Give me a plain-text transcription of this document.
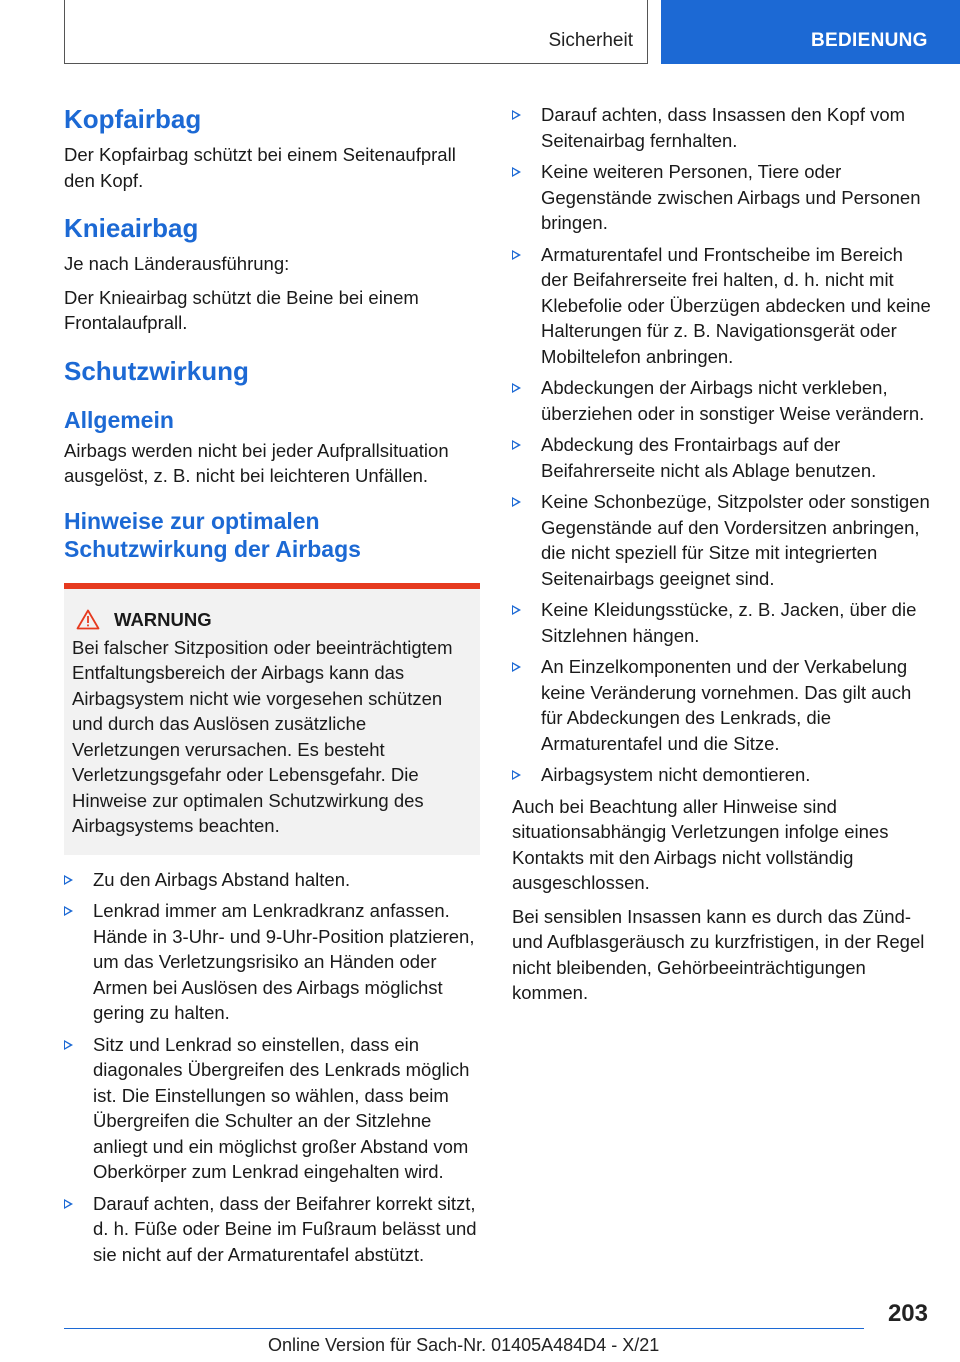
Sicherheit	BEDIENUNG
Kopfairbag

Der Kopfairbag schützt bei einem Seitenaufprall den Kopf.

Knieairbag

Je nach Länderausführung:

Der Knieairbag schützt die Beine bei einem Frontalaufprall.

Schutzwirkung
Allgemein

Airbags werden nicht bei jeder Aufprallsituation ausgelöst, z. B. nicht bei leichteren Unfällen.

Hinweise zur optimalen Schutzwirkung der Airbags
WARNUNG

Bei falscher Sitzposition oder beeinträchtigtem Entfaltungsbereich der Airbags kann das Airbagsystem nicht wie vorgesehen schützen und durch das Auslösen zusätzliche Verletzungen verursachen. Es besteht Verletzungsgefahr oder Lebensgefahr. Die Hinweise zur optimalen Schutzwirkung des Airbagsystems beachten.

Zu den Airbags Abstand halten.
Lenkrad immer am Lenkradkranz anfassen. Hände in 3-Uhr- und 9-Uhr-Position platzieren, um das Verletzungsrisiko an Händen oder Armen bei Auslösen des Airbags möglichst gering zu halten.
Sitz und Lenkrad so einstellen, dass ein diagonales Übergreifen des Lenkrads möglich ist. Die Einstellungen so wählen, dass beim Übergreifen die Schulter an der Sitzlehne anliegt und ein möglichst großer Abstand vom Oberkörper zum Lenkrad eingehalten wird.
Darauf achten, dass der Beifahrer korrekt sitzt, d. h. Füße oder Beine im Fußraum belässt und sie nicht auf der Armaturentafel abstützt.
Darauf achten, dass Insassen den Kopf vom Seitenairbag fernhalten.
Keine weiteren Personen, Tiere oder Gegenstände zwischen Airbags und Personen bringen.
Armaturentafel und Frontscheibe im Bereich der Beifahrerseite frei halten, d. h. nicht mit Klebefolie oder Überzügen abdecken und keine Halterungen für z. B. Navigationsgerät oder Mobiltelefon anbringen.
Abdeckungen der Airbags nicht verkleben, überziehen oder in sonstiger Weise verändern.
Abdeckung des Frontairbags auf der Beifahrerseite nicht als Ablage benutzen.
Keine Schonbezüge, Sitzpolster oder sonstigen Gegenstände auf den Vordersitzen anbringen, die nicht speziell für Sitze mit integrierten Seitenairbags geeignet sind.
Keine Kleidungsstücke, z. B. Jacken, über die Sitzlehnen hängen.
An Einzelkomponenten und der Verkabelung keine Veränderung vornehmen. Das gilt auch für Abdeckungen des Lenkrads, die Armaturentafel und die Sitze.
Airbagsystem nicht demontieren.

Auch bei Beachtung aller Hinweise sind situationsabhängig Verletzungen infolge eines Kontakts mit den Airbags nicht vollständig ausgeschlossen.

Bei sensiblen Insassen kann es durch das Zünd- und Aufblasgeräusch zu kurzfristigen, in der Regel nicht bleibenden, Gehörbeeinträchtigungen kommen.

203
Online Version für Sach-Nr. 01405A484D4 - X/21
